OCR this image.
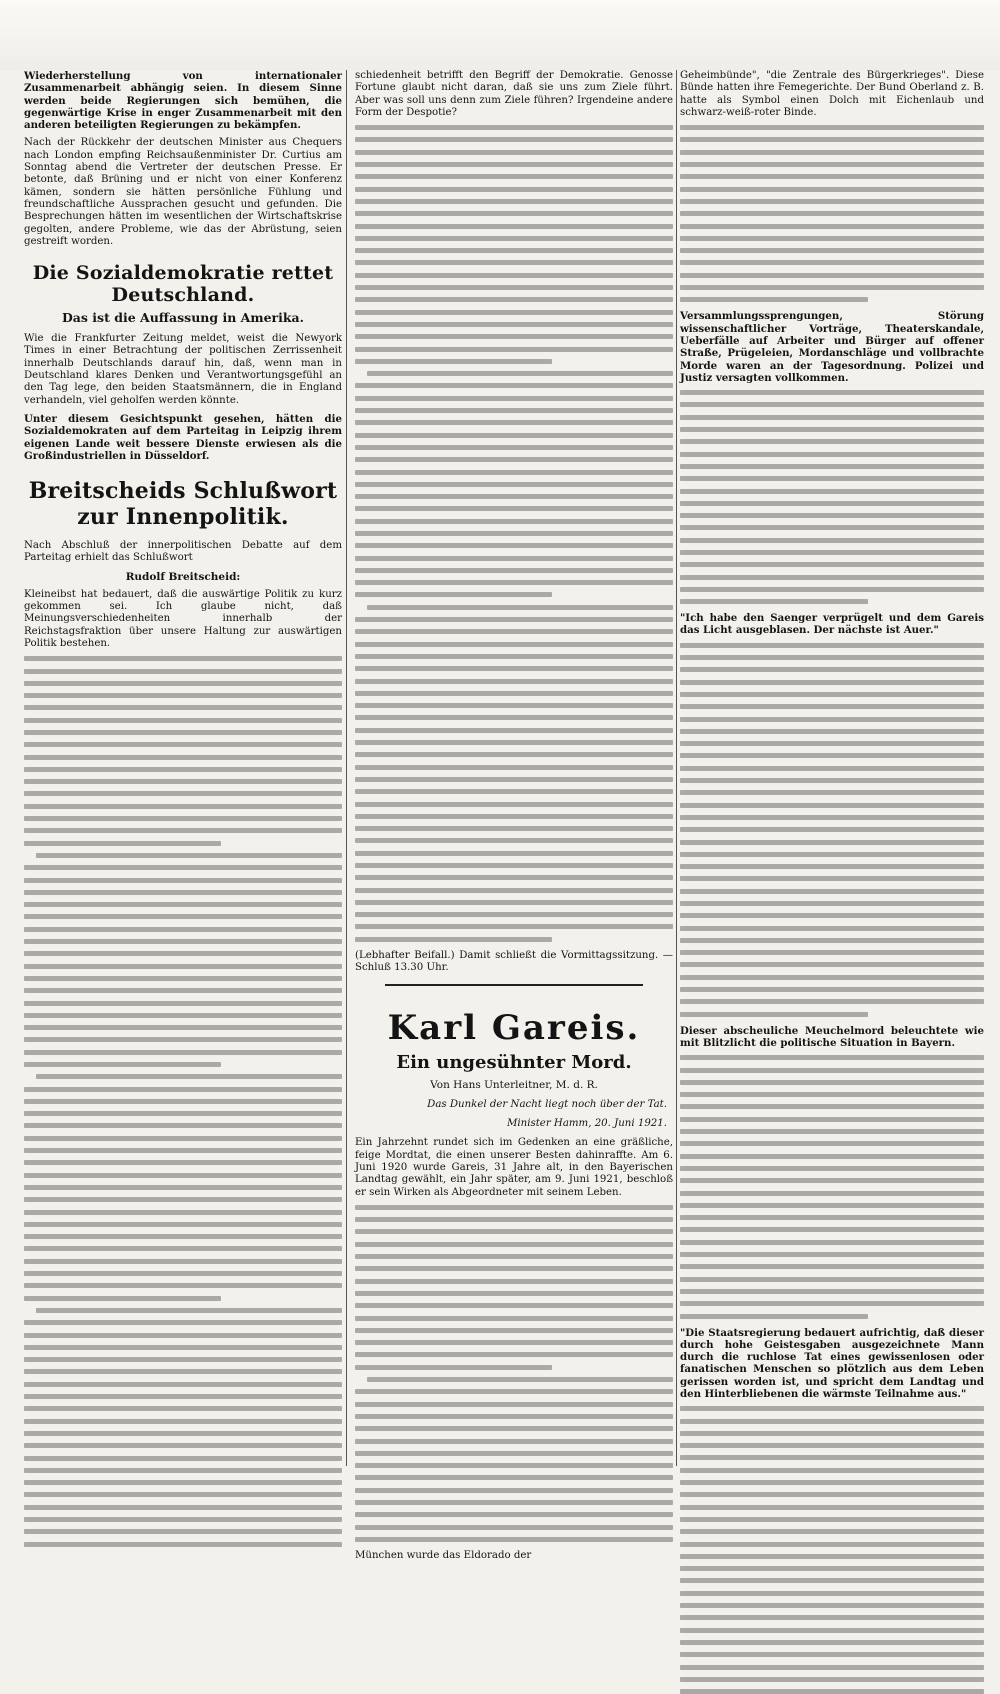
Wiederherstellung von internationaler Zusammenarbeit abhängig seien. In diesem Sinne werden beide Regierungen sich bemühen, die gegenwärtige Krise in enger Zusammenarbeit mit den anderen beteiligten Regierungen zu bekämpfen.

Nach der Rückkehr der deutschen Minister aus Chequers nach London empfing Reichsaußenminister Dr. Curtius am Sonntag abend die Vertreter der deutschen Presse. Er betonte, daß Brüning und er nicht von einer Konferenz kämen, sondern sie hätten persönliche Fühlung und freundschaftliche Aussprachen gesucht und gefunden. Die Besprechungen hätten im wesentlichen der Wirtschaftskrise gegolten, andere Probleme, wie das der Abrüstung, seien gestreift worden.

Die Sozialdemokratie rettet Deutschland.
Das ist die Auffassung in Amerika.

Wie die Frankfurter Zeitung meldet, weist die Newyork Times in einer Betrachtung der politischen Zerrissenheit innerhalb Deutschlands darauf hin, daß, wenn man in Deutschland klares Denken und Verantwortungsgefühl an den Tag lege, den beiden Staatsmännern, die in England verhandeln, viel geholfen werden könnte.

Unter diesem Gesichtspunkt gesehen, hätten die Sozialdemokraten auf dem Parteitag in Leipzig ihrem eigenen Lande weit bessere Dienste erwiesen als die Großindustriellen in Düsseldorf.

Breitscheids Schlußwort zur Innenpolitik.

Nach Abschluß der innerpolitischen Debatte auf dem Parteitag erhielt das Schlußwort

Rudolf Breitscheid:

Kleineibst hat bedauert, daß die auswärtige Politik zu kurz gekommen sei. Ich glaube nicht, daß Meinungsverschiedenheiten innerhalb der Reichstagsfraktion über unsere Haltung zur auswärtigen Politik bestehen.

schiedenheit betrifft den Begriff der Demokratie. Genosse Fortune glaubt nicht daran, daß sie uns zum Ziele führt. Aber was soll uns denn zum Ziele führen? Irgendeine andere Form der Despotie?

(Lebhafter Beifall.) Damit schließt die Vormittagssitzung. — Schluß 13.30 Uhr.

Karl Gareis.
Ein ungesühnter Mord.
Von Hans Unterleitner, M. d. R.
Das Dunkel der Nacht liegt noch über der Tat.
Minister Hamm, 20. Juni 1921.

Ein Jahrzehnt rundet sich im Gedenken an eine gräßliche, feige Mordtat, die einen unserer Besten dahinraffte. Am 6. Juni 1920 wurde Gareis, 31 Jahre alt, in den Bayerischen Landtag gewählt, ein Jahr später, am 9. Juni 1921, beschloß er sein Wirken als Abgeordneter mit seinem Leben.

München wurde das Eldorado der

Geheimbünde", "die Zentrale des Bürgerkrieges". Diese Bünde hatten ihre Femegerichte. Der Bund Oberland z. B. hatte als Symbol einen Dolch mit Eichenlaub und schwarz-weiß-roter Binde.

Versammlungssprengungen, Störung wissenschaftlicher Vorträge, Theaterskandale, Ueberfälle auf Arbeiter und Bürger auf offener Straße, Prügeleien, Mordanschläge und vollbrachte Morde waren an der Tagesordnung. Polizei und Justiz versagten vollkommen.

"Ich habe den Saenger verprügelt und dem Gareis das Licht ausgeblasen. Der nächste ist Auer."

Dieser abscheuliche Meuchelmord beleuchtete wie mit Blitzlicht die politische Situation in Bayern.

"Die Staatsregierung bedauert aufrichtig, daß dieser durch hohe Geistesgaben ausgezeichnete Mann durch die ruchlose Tat eines gewissenlosen oder fanatischen Menschen so plötzlich aus dem Leben gerissen worden ist, und spricht dem Landtag und den Hinterbliebenen die wärmste Teilnahme aus."
